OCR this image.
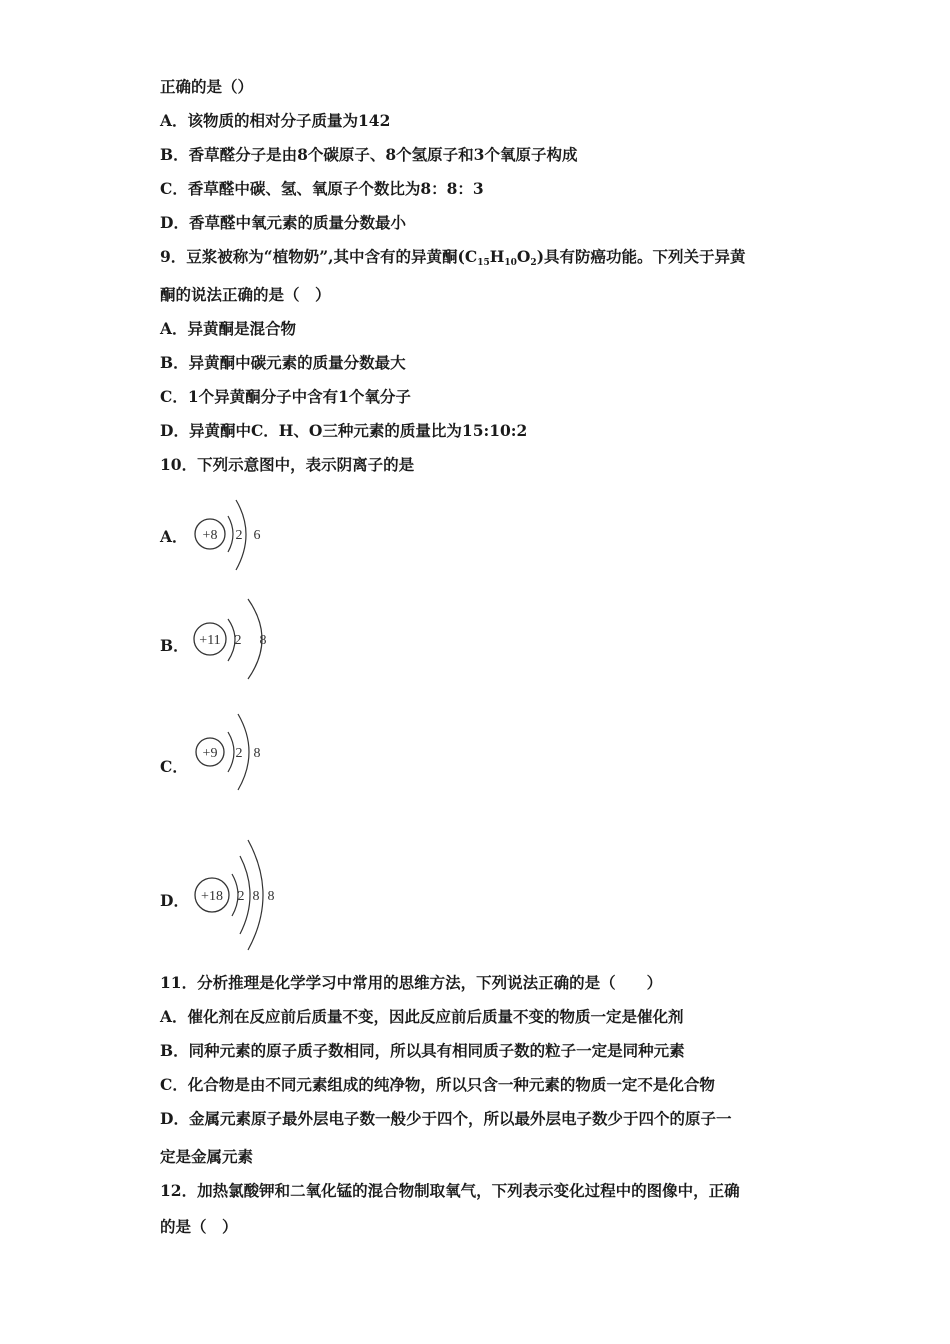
正确的是（）
A．该物质的相对分子质量为142
B．香草醛分子是由8个碳原子、8个氢原子和3个氧原子构成
C．香草醛中碳、氢、氧原子个数比为8：8：3
D．香草醛中氧元素的质量分数最小
9．豆浆被称为“植物奶”,其中含有的异黄酮$(C_{15}H_{10}O_2)$具有防癌功能。下列关于异黄
酮的说法正确的是（　）
A．异黄酮是混合物
B．异黄酮中碳元素的质量分数最大
C．1个异黄酮分子中含有1个氧分子
D．异黄酮中C．H、O三种元素的质量比为15:10:2
10．下列示意图中，表示阴离子的是
A． +8 2 6
B． +11 2 8
C．
+9 2 8
D． +18 2 8 8
11．分析推理是化学学习中常用的思维方法，下列说法正确的是（　　）
A．催化剂在反应前后质量不变，因此反应前后质量不变的物质一定是催化剂
B．同种元素的原子质子数相同，所以具有相同质子数的粒子一定是同种元素
C．化合物是由不同元素组成的纯净物，所以只含一种元素的物质一定不是化合物
D．金属元素原子最外层电子数一般少于四个，所以最外层电子数少于四个的原子一
定是金属元素
12．加热氯酸钾和二氧化锰的混合物制取氧气，下列表示变化过程中的图像中，正确
的是（　）
